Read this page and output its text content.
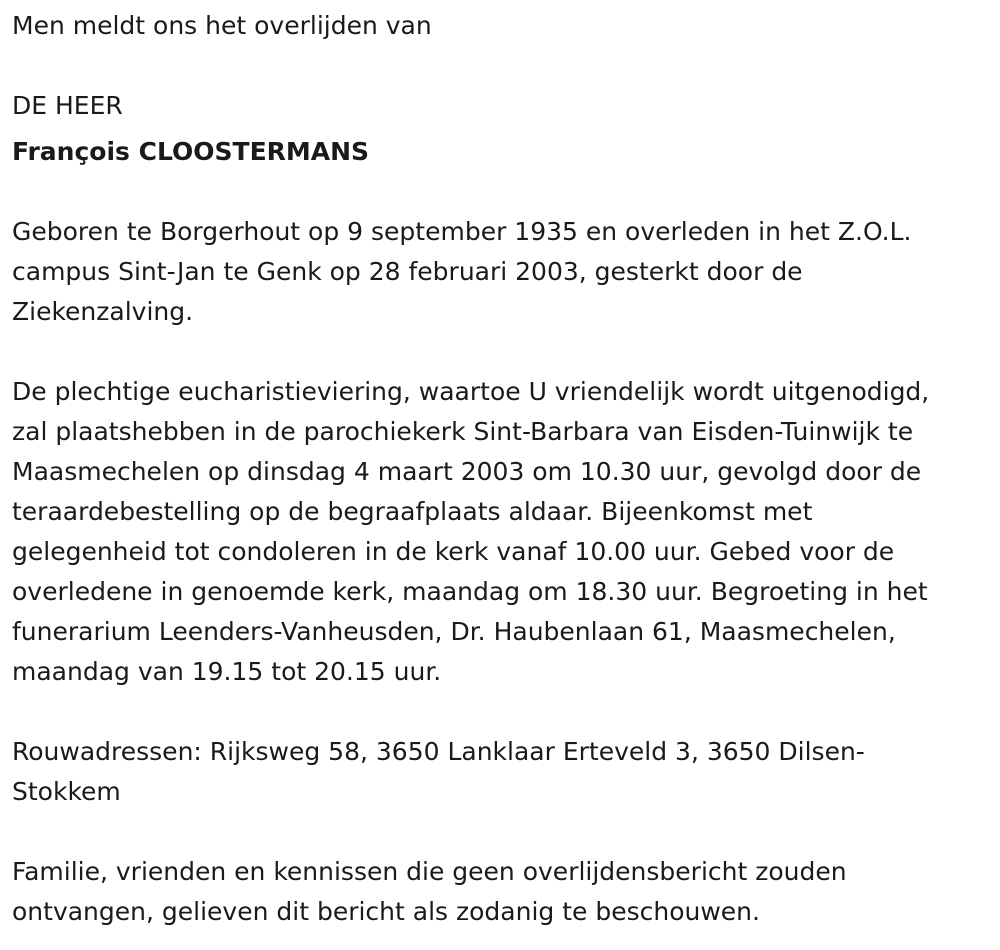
Men meldt ons het overlijden van

DE HEER

François CLOOSTERMANS

Geboren te Borgerhout op 9 september 1935 en overleden in het Z.O.L.

campus Sint-Jan te Genk op 28 februari 2003, gesterkt door de

Ziekenzalving.

De plechtige eucharistieviering, waartoe U vriendelijk wordt uitgenodigd,

zal plaatshebben in de parochiekerk Sint-Barbara van Eisden-Tuinwijk te

Maasmechelen op dinsdag 4 maart 2003 om 10.30 uur, gevolgd door de

teraardebestelling op de begraafplaats aldaar. Bijeenkomst met

gelegenheid tot condoleren in de kerk vanaf 10.00 uur. Gebed voor de

overledene in genoemde kerk, maandag om 18.30 uur. Begroeting in het

funerarium Leenders-Vanheusden, Dr. Haubenlaan 61, Maasmechelen,

maandag van 19.15 tot 20.15 uur.

Rouwadressen: Rijksweg 58, 3650 Lanklaar Erteveld 3, 3650 Dilsen-

Stokkem

Familie, vrienden en kennissen die geen overlijdensbericht zouden

ontvangen, gelieven dit bericht als zodanig te beschouwen.
